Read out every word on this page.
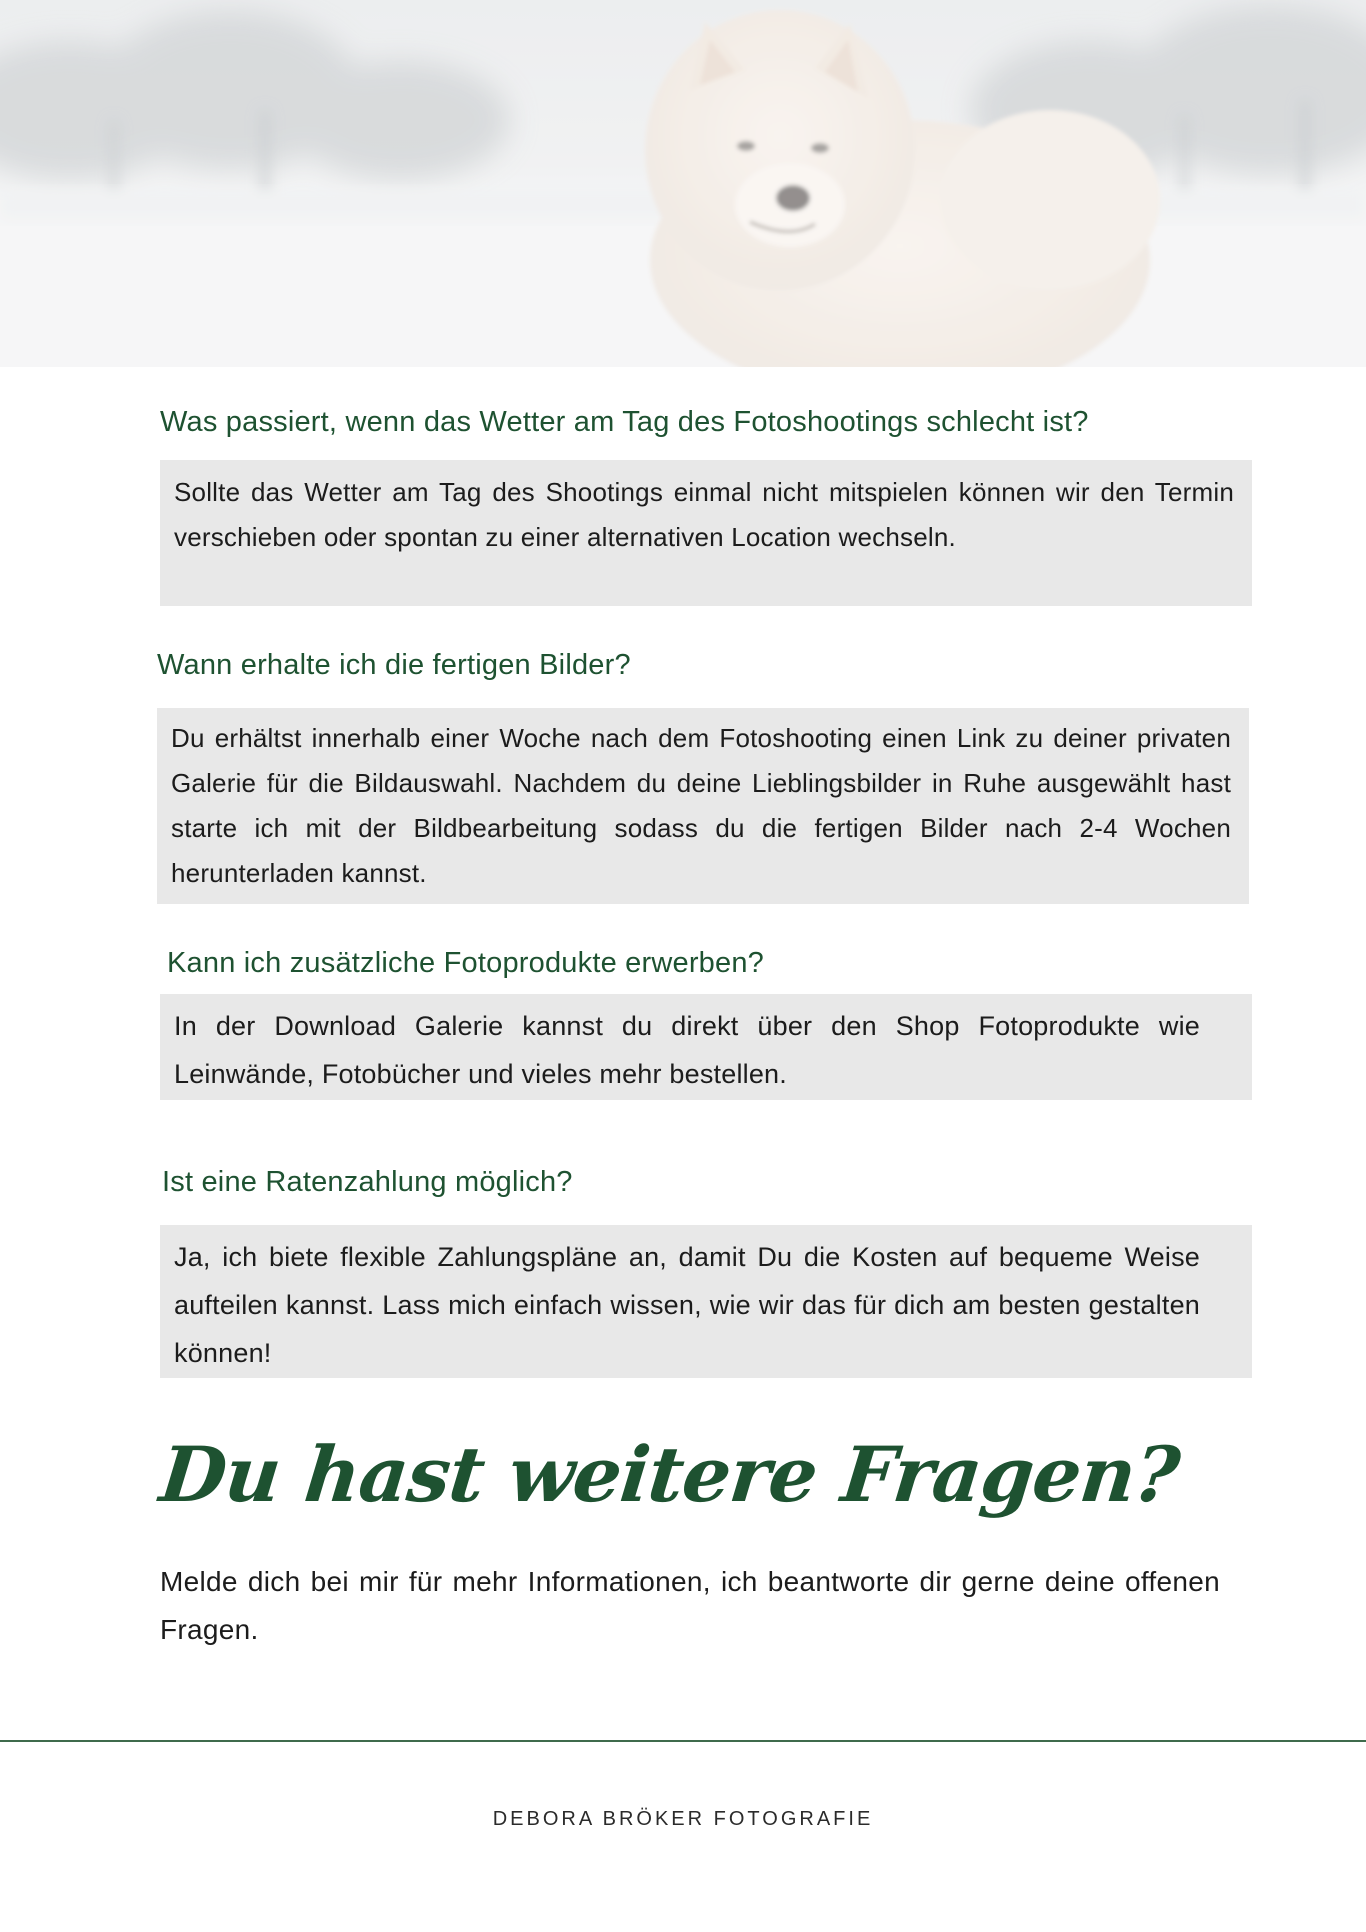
Was passiert, wenn das Wetter am Tag des Fotoshootings schlecht ist?

Sollte das Wetter am Tag des Shootings einmal nicht mitspielen können wir den Termin verschieben oder spontan zu einer alternativen Location wechseln.

Wann erhalte ich die fertigen Bilder?

Du erhältst innerhalb einer Woche nach dem Fotoshooting einen Link zu deiner privaten Galerie für die Bildauswahl. Nachdem du deine Lieblingsbilder in Ruhe ausgewählt hast starte ich mit der Bildbearbeitung sodass du die fertigen Bilder nach 2-4 Wochen herunterladen kannst.

Kann ich zusätzliche Fotoprodukte erwerben?

In der Download Galerie kannst du direkt über den Shop Fotoprodukte wie Leinwände, Fotobücher und vieles mehr bestellen.

Ist eine Ratenzahlung möglich?

Ja, ich biete flexible Zahlungspläne an, damit Du die Kosten auf bequeme Weise aufteilen kannst. Lass mich einfach wissen, wie wir das für dich am besten gestalten können!

Du hast weitere Fragen?

Melde dich bei mir für mehr Informationen, ich beantworte dir gerne deine offenen Fragen.

DEBORA BRÖKER FOTOGRAFIE
